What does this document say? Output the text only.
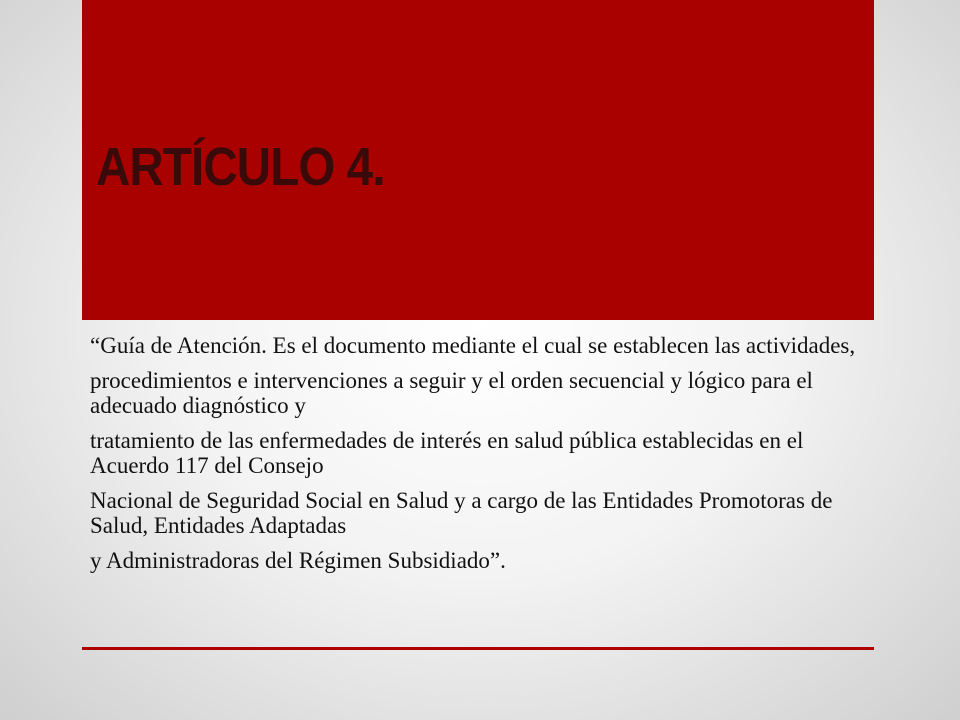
ARTÍCULO 4.

“Guía de Atención. Es el documento mediante el cual se establecen las actividades,

procedimientos e intervenciones a seguir y el orden secuencial y lógico para el adecuado diagnóstico y

tratamiento de las enfermedades de interés en salud pública establecidas en el Acuerdo 117 del Consejo

Nacional de Seguridad Social en Salud y a cargo de las Entidades Promotoras de Salud, Entidades Adaptadas

y Administradoras del Régimen Subsidiado”.
